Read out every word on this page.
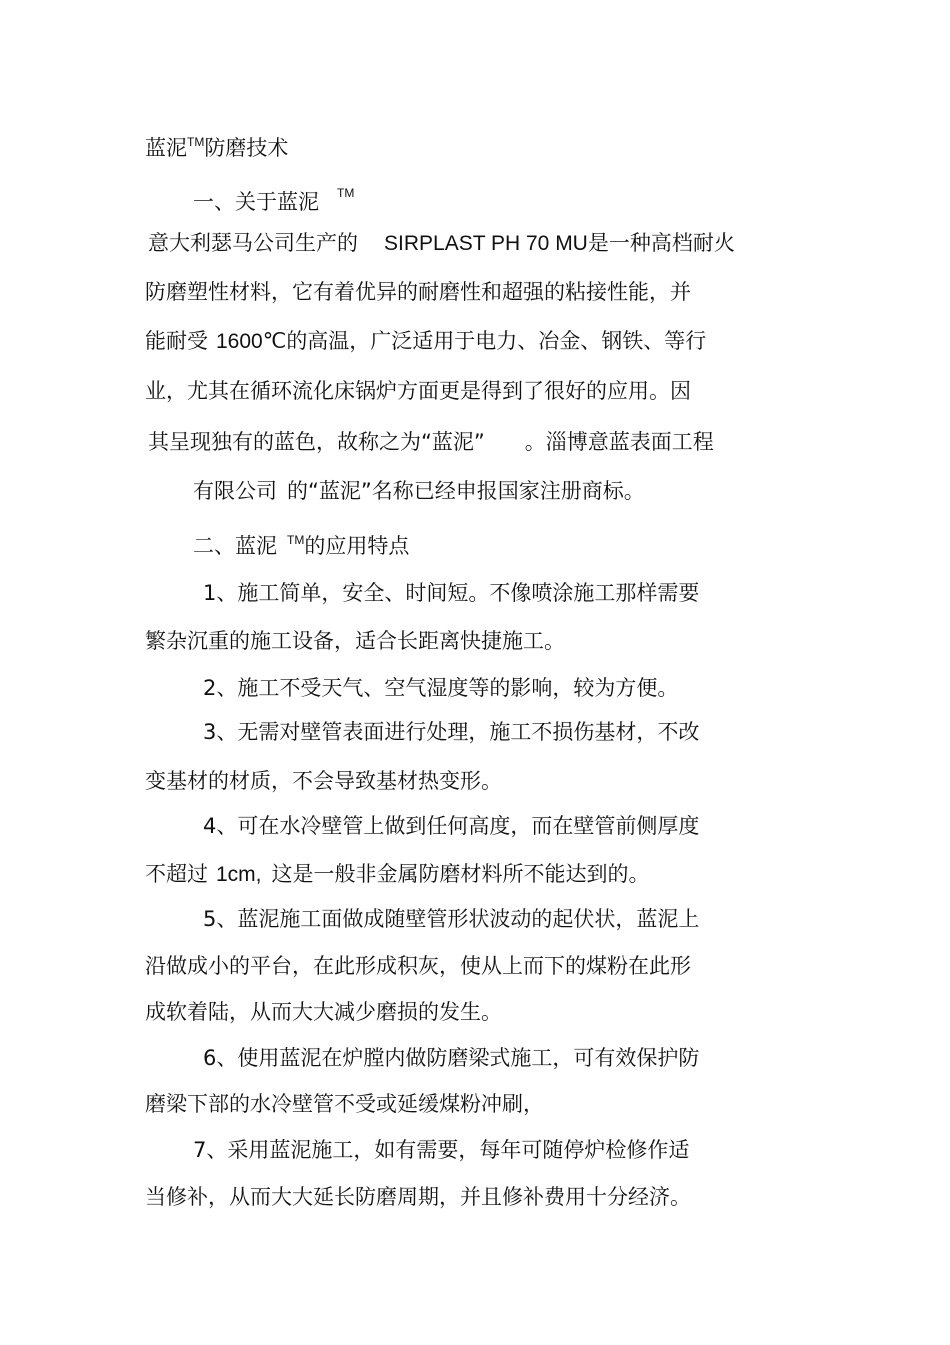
蓝泥™防磨技术

一、关于蓝泥 ™

意大利瑟马公司生产的 SIRPLAST PH 70 MU是一种高档耐火

防磨塑性材料，它有着优异的耐磨性和超强的粘接性能，并

能耐受 1600℃的高温，广泛适用于电力、冶金、钢铁、等行

业，尤其在循环流化床锅炉方面更是得到了很好的应用。因

其呈现独有的蓝色，故称之为“蓝泥” 。淄博意蓝表面工程

有限公司 的“蓝泥”名称已经申报国家注册商标。

二、蓝泥 ™的应用特点

1、施工简单，安全、时间短。不像喷涂施工那样需要

繁杂沉重的施工设备，适合长距离快捷施工。

2、施工不受天气、空气湿度等的影响，较为方便。

3、无需对壁管表面进行处理，施工不损伤基材，不改

变基材的材质，不会导致基材热变形。

4、可在水冷壁管上做到任何高度，而在壁管前侧厚度

不超过 1cm, 这是一般非金属防磨材料所不能达到的。

5、蓝泥施工面做成随壁管形状波动的起伏状，蓝泥上

沿做成小的平台，在此形成积灰，使从上而下的煤粉在此形

成软着陆，从而大大减少磨损的发生。

6、使用蓝泥在炉膛内做防磨梁式施工，可有效保护防

磨梁下部的水冷壁管不受或延缓煤粉冲刷，

7、采用蓝泥施工，如有需要，每年可随停炉检修作适

当修补，从而大大延长防磨周期，并且修补费用十分经济。
